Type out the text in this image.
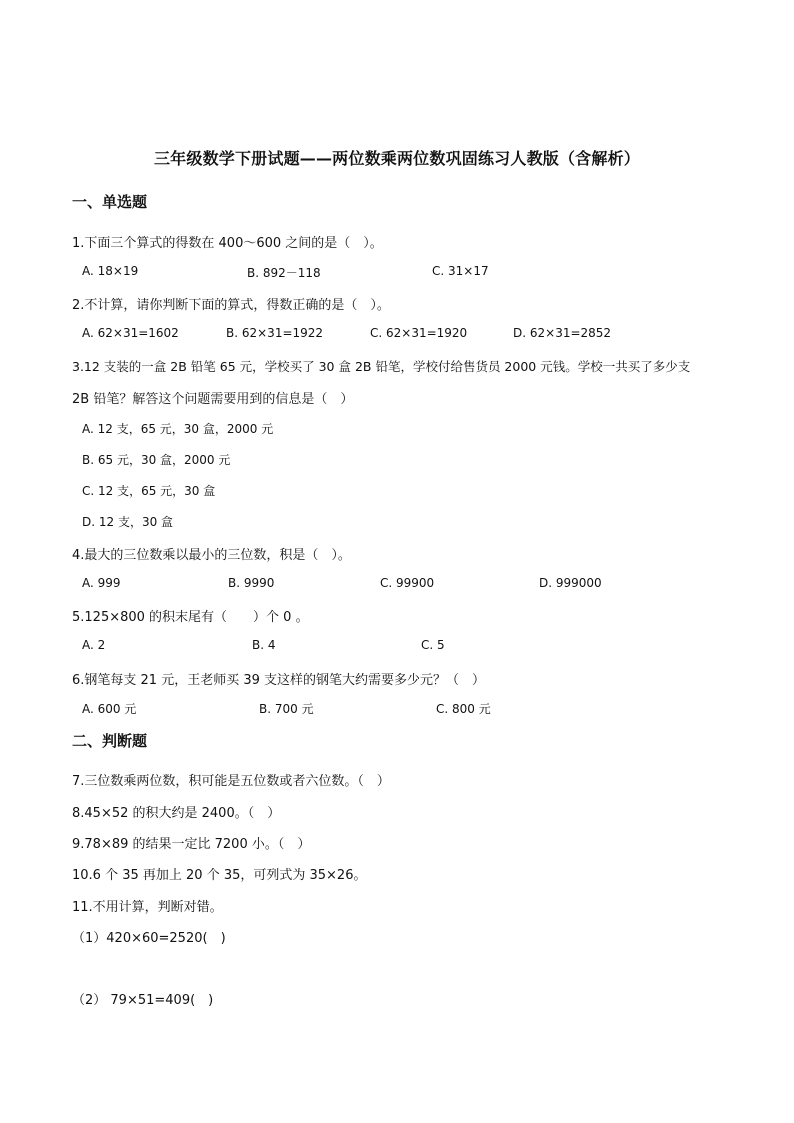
三年级数学下册试题——两位数乘两位数巩固练习人教版（含解析）
一、单选题
1.下面三个算式的得数在 400～600 之间的是（　）。
A. 18×19	B. 892－118	C. 31×17
2.不计算，请你判断下面的算式，得数正确的是（　）。
A. 62×31=1602	B. 62×31=1922	C. 62×31=1920	D. 62×31=2852
3.12 支装的一盒 2B 铅笔 65 元，学校买了 30 盒 2B 铅笔，学校付给售货员 2000 元钱。学校一共买了多少支
2B 铅笔？解答这个问题需要用到的信息是（　）
A. 12 支，65 元，30 盒，2000 元
B. 65 元，30 盒，2000 元
C. 12 支，65 元，30 盒
D. 12 支，30 盒
4.最大的三位数乘以最小的三位数，积是（　）。
A. 999	B. 9990	C. 99900	D. 999000
5.125×800 的积末尾有（　　）个 0 。
A. 2	B. 4	C. 5
6.钢笔每支 21 元，王老师买 39 支这样的钢笔大约需要多少元？（　）
A. 600 元	B. 700 元	C. 800 元
二、判断题
7.三位数乘两位数，积可能是五位数或者六位数。（　）
8.45×52 的积大约是 2400。（　）
9.78×89 的结果一定比 7200 小。（　）
10.6 个 35 再加上 20 个 35，可列式为 35×26。
11.不用计算，判断对错。
（1）420×60=2520(　)
（2） 79×51=409(　)
